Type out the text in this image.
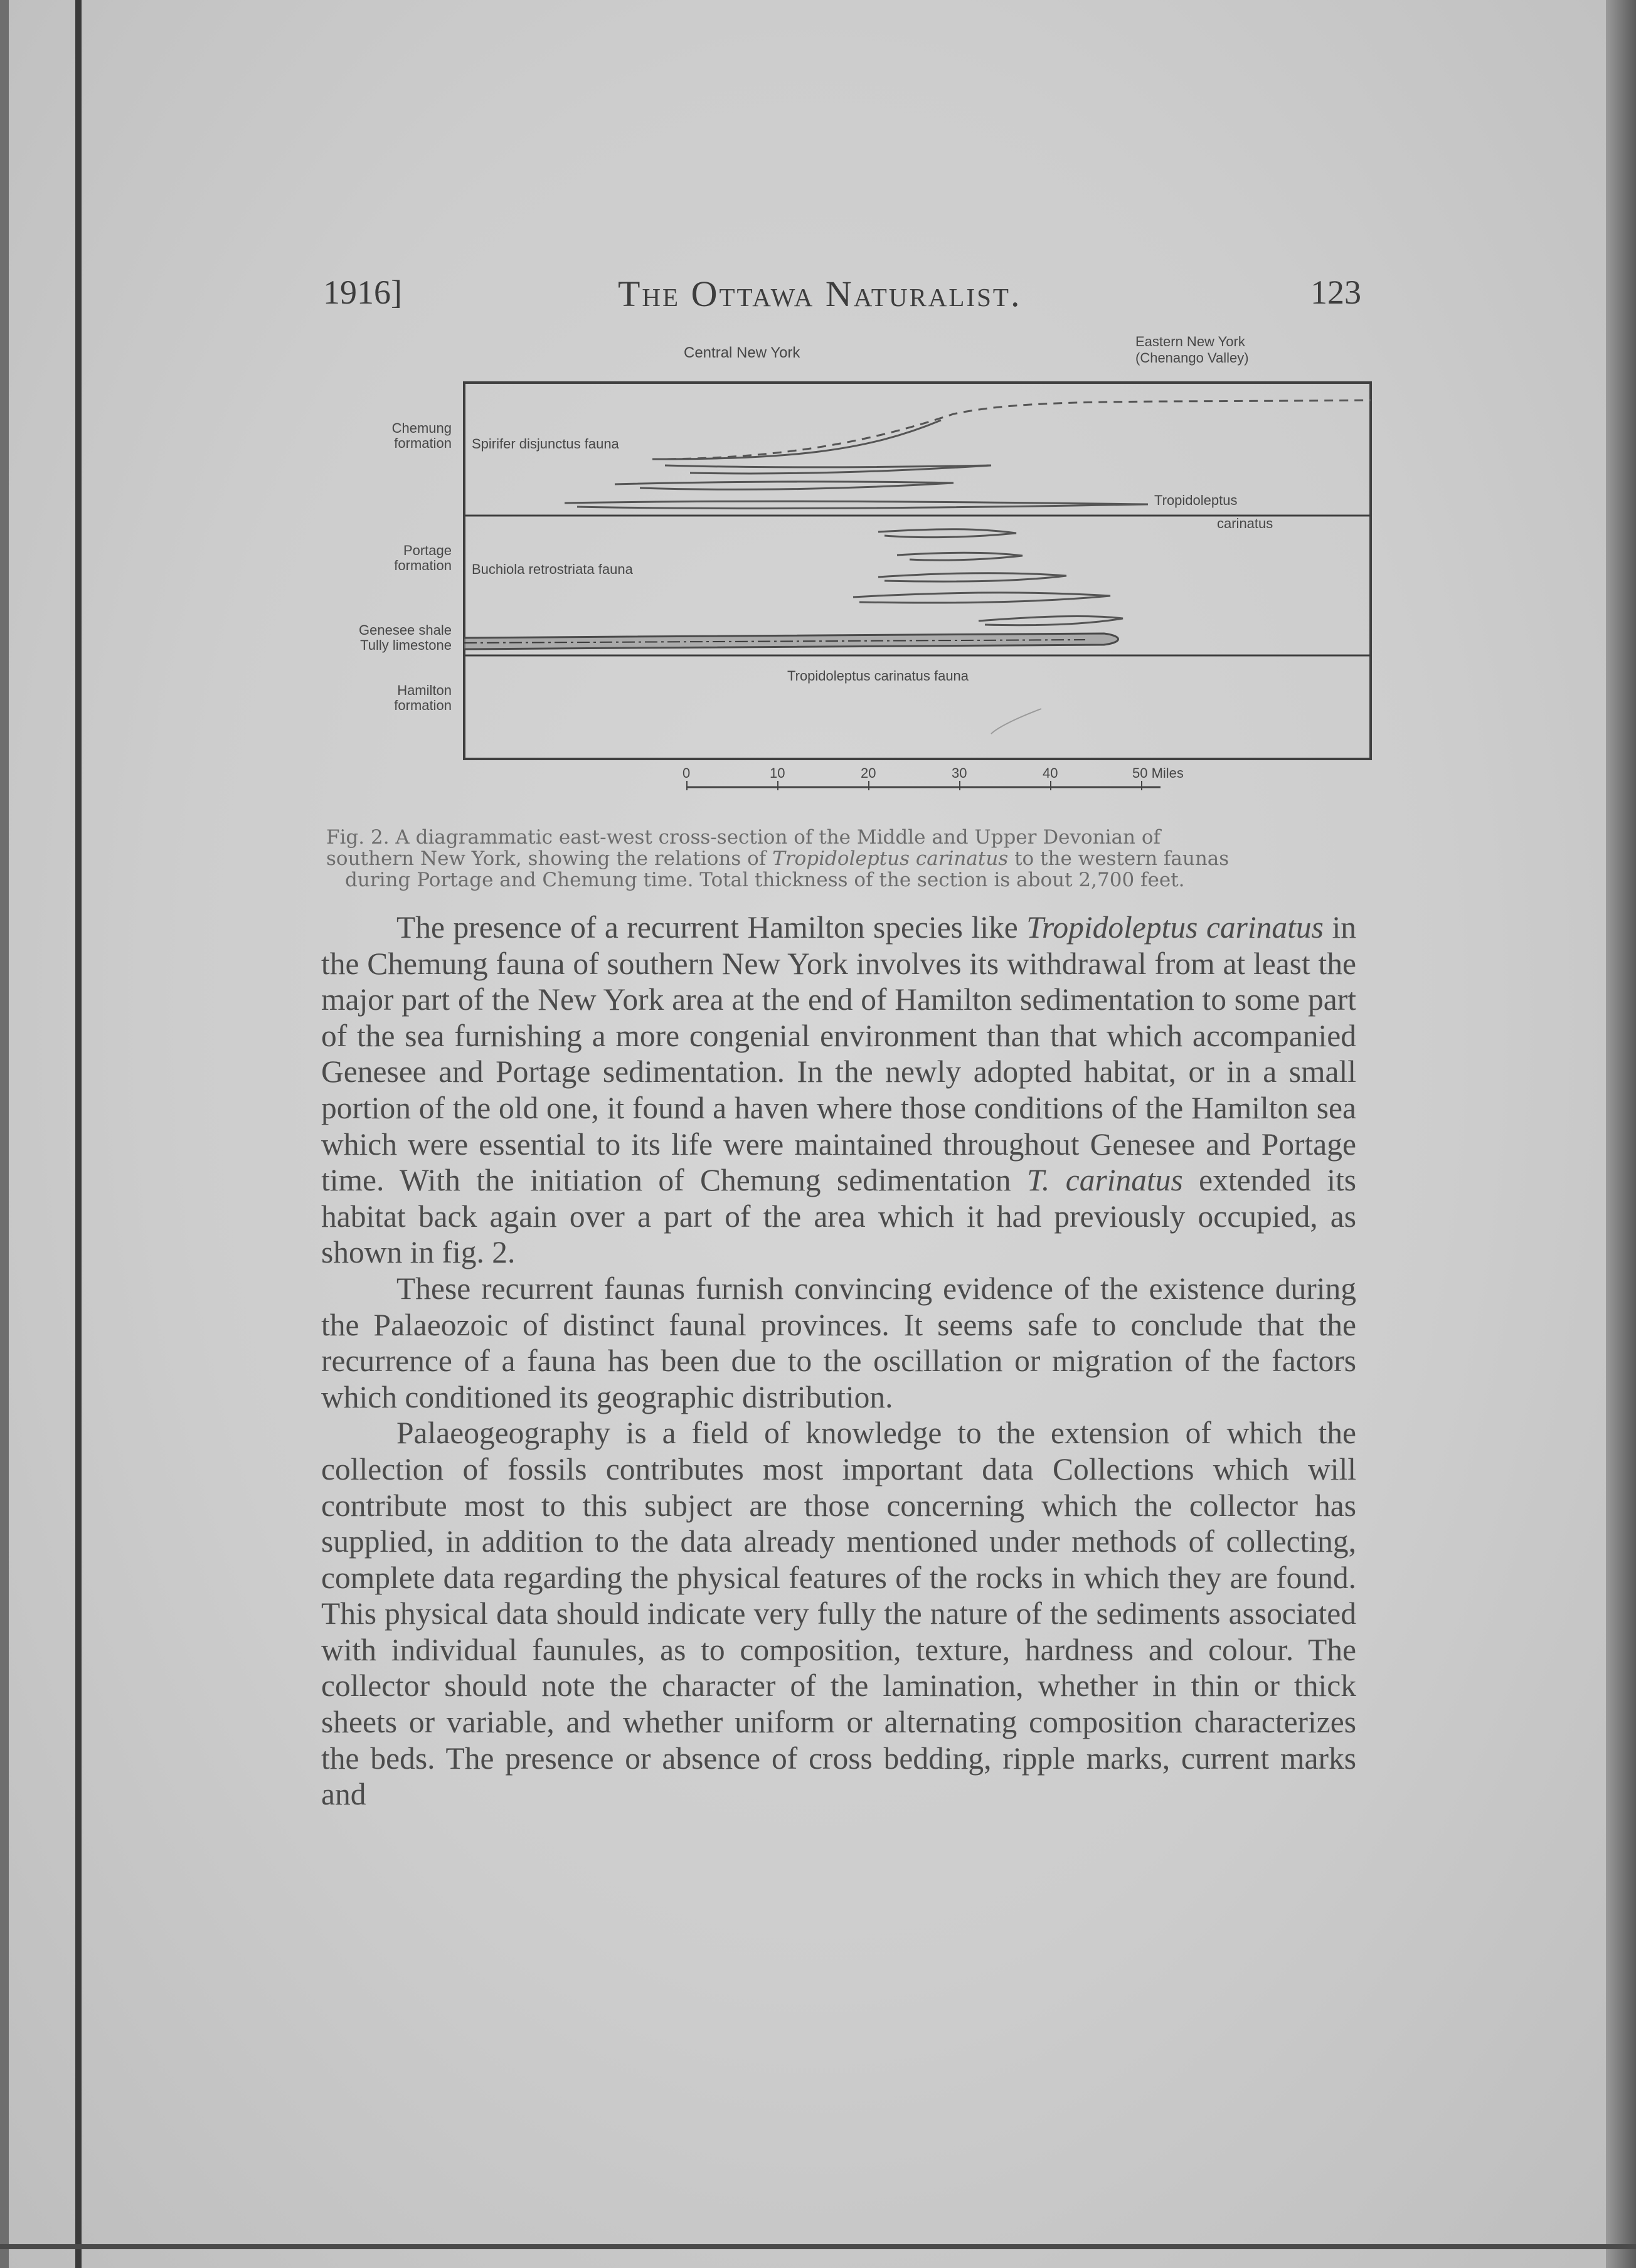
1916]	The Ottawa Naturalist.	123
Central New York
Eastern New York
(Chenango Valley)
Chemung
formation
Portage
formation
Genesee shale
Tully limestone
Hamilton
formation
Spirifer disjunctus fauna
Tropidoleptus
carinatus
Buchiola retrostriata fauna
Tropidoleptus carinatus fauna
0	10	20	30	40	50 Miles
Fig. 2. A diagrammatic east-west cross-section of the Middle and Upper Devonian of
southern New York, showing the relations of Tropidoleptus carinatus to the western faunas
during Portage and Chemung time. Total thickness of the section is about 2,700 feet.

The presence of a recurrent Hamilton species like Tropidoleptus carinatus in the Chemung fauna of southern New York involves its withdrawal from at least the major part of the New York area at the end of Hamilton sedimentation to some part of the sea furnishing a more congenial environment than that which accompanied Genesee and Portage sedimentation. In the newly adopted habitat, or in a small portion of the old one, it found a haven where those conditions of the Hamilton sea which were essential to its life were maintained throughout Genesee and Portage time. With the initiation of Chemung sedimentation T. carinatus extended its habitat back again over a part of the area which it had previously occupied, as shown in fig. 2.

These recurrent faunas furnish convincing evidence of the existence during the Palaeozoic of distinct faunal provinces. It seems safe to conclude that the recurrence of a fauna has been due to the oscillation or migration of the factors which conditioned its geographic distribution.

Palaeogeography is a field of knowledge to the extension of which the collection of fossils contributes most important data Collections which will contribute most to this subject are those concerning which the collector has supplied, in addition to the data already mentioned under methods of collecting, complete data regarding the physical features of the rocks in which they are found. This physical data should indicate very fully the nature of the sediments associated with individual faunules, as to composition, texture, hardness and colour. The collector should note the character of the lamination, whether in thin or thick sheets or variable, and whether uniform or alternating composition characterizes the beds. The presence or absence of cross bedding, ripple marks, current marks and
